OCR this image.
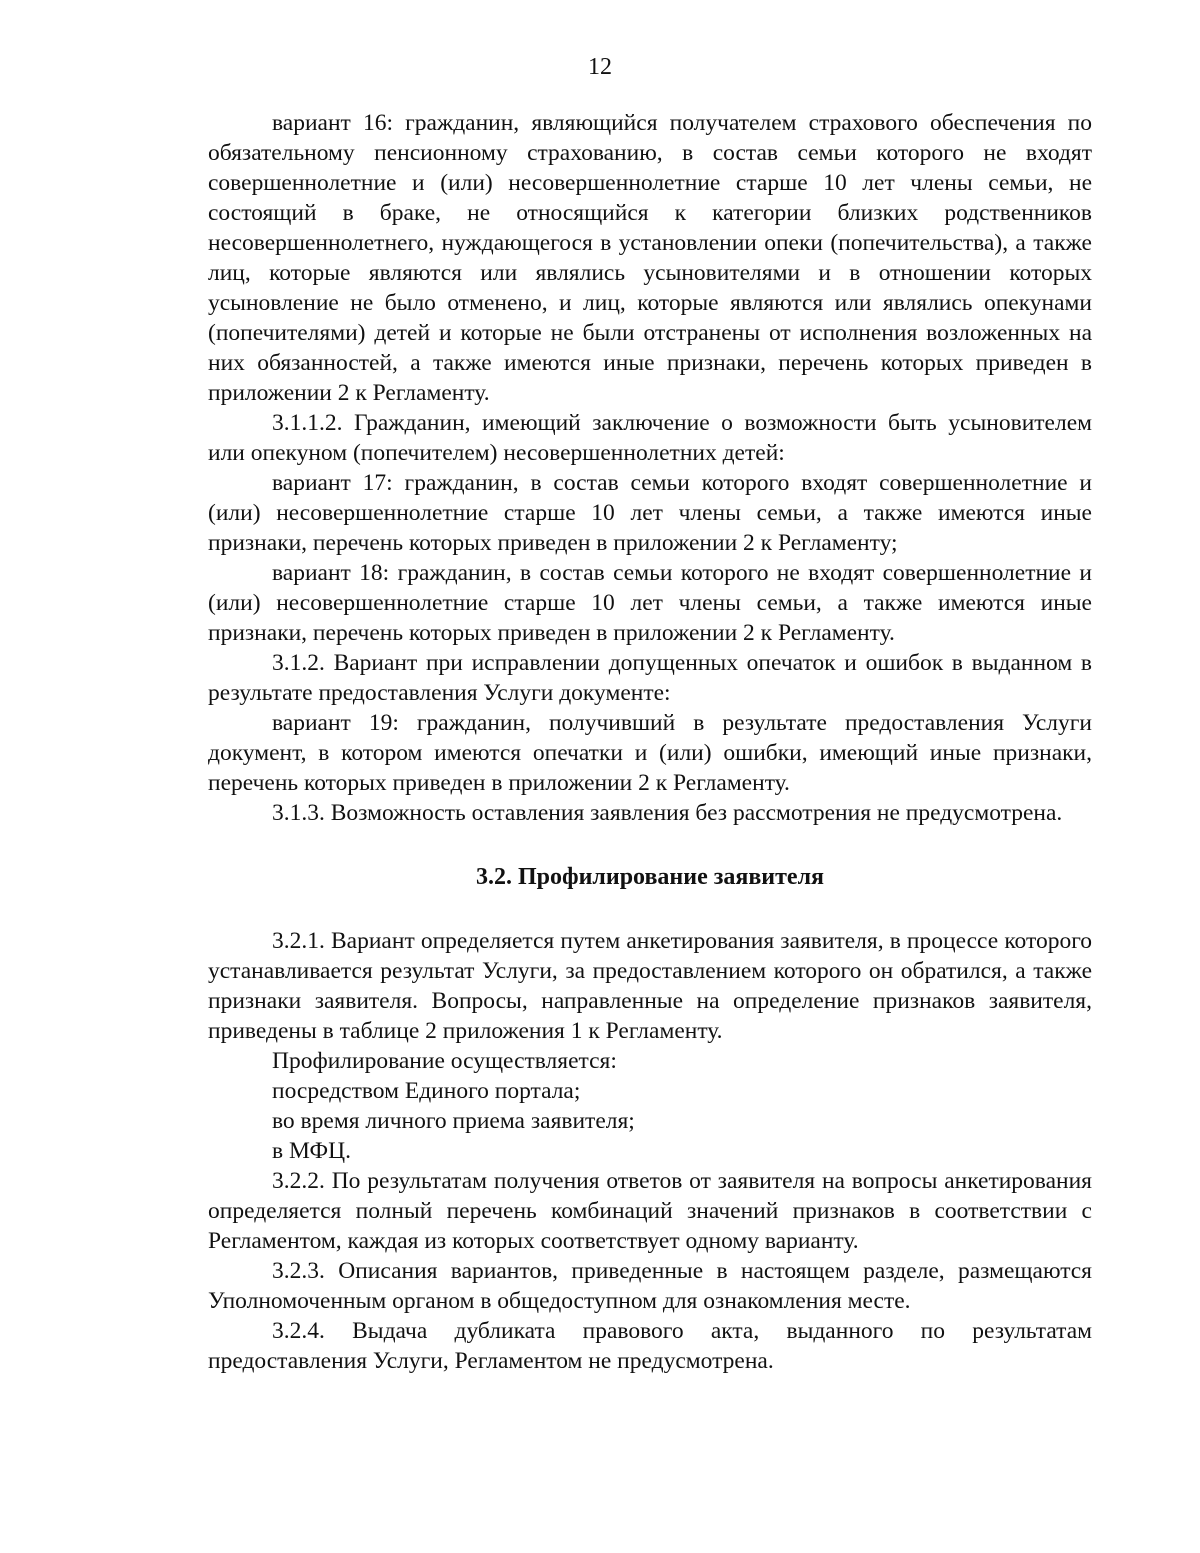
12

вариант 16: гражданин, являющийся получателем страхового обеспечения по обязательному пенсионному страхованию, в состав семьи которого не входят совершеннолетние и (или) несовершеннолетние старше 10 лет члены семьи, не состоящий в браке, не относящийся к категории близких родственников несовершеннолетнего, нуждающегося в установлении опеки (попечительства), а также лиц, которые являются или являлись усыновителями и в отношении которых усыновление не было отменено, и лиц, которые являются или являлись опекунами (попечителями) детей и которые не были отстранены от исполнения возложенных на них обязанностей, а также имеются иные признаки, перечень которых приведен в приложении 2 к Регламенту.

3.1.1.2. Гражданин, имеющий заключение о возможности быть усыновителем или опекуном (попечителем) несовершеннолетних детей:

вариант 17: гражданин, в состав семьи которого входят совершеннолетние и (или) несовершеннолетние старше 10 лет члены семьи, а также имеются иные признаки, перечень которых приведен в приложении 2 к Регламенту;

вариант 18: гражданин, в состав семьи которого не входят совершеннолетние и (или) несовершеннолетние старше 10 лет члены семьи, а также имеются иные признаки, перечень которых приведен в приложении 2 к Регламенту.

3.1.2. Вариант при исправлении допущенных опечаток и ошибок в выданном в результате предоставления Услуги документе:

вариант 19: гражданин, получивший в результате предоставления Услуги документ, в котором имеются опечатки и (или) ошибки, имеющий иные признаки, перечень которых приведен в приложении 2 к Регламенту.

3.1.3. Возможность оставления заявления без рассмотрения не предусмотрена.

3.2. Профилирование заявителя

3.2.1. Вариант определяется путем анкетирования заявителя, в процессе которого устанавливается результат Услуги, за предоставлением которого он обратился, а также признаки заявителя. Вопросы, направленные на определение признаков заявителя, приведены в таблице 2 приложения 1 к Регламенту.

Профилирование осуществляется:

посредством Единого портала;

во время личного приема заявителя;

в МФЦ.

3.2.2. По результатам получения ответов от заявителя на вопросы анкетирования определяется полный перечень комбинаций значений признаков в соответствии с Регламентом, каждая из которых соответствует одному варианту.

3.2.3. Описания вариантов, приведенные в настоящем разделе, размещаются Уполномоченным органом в общедоступном для ознакомления месте.

3.2.4. Выдача дубликата правового акта, выданного по результатам предоставления Услуги, Регламентом не предусмотрена.
